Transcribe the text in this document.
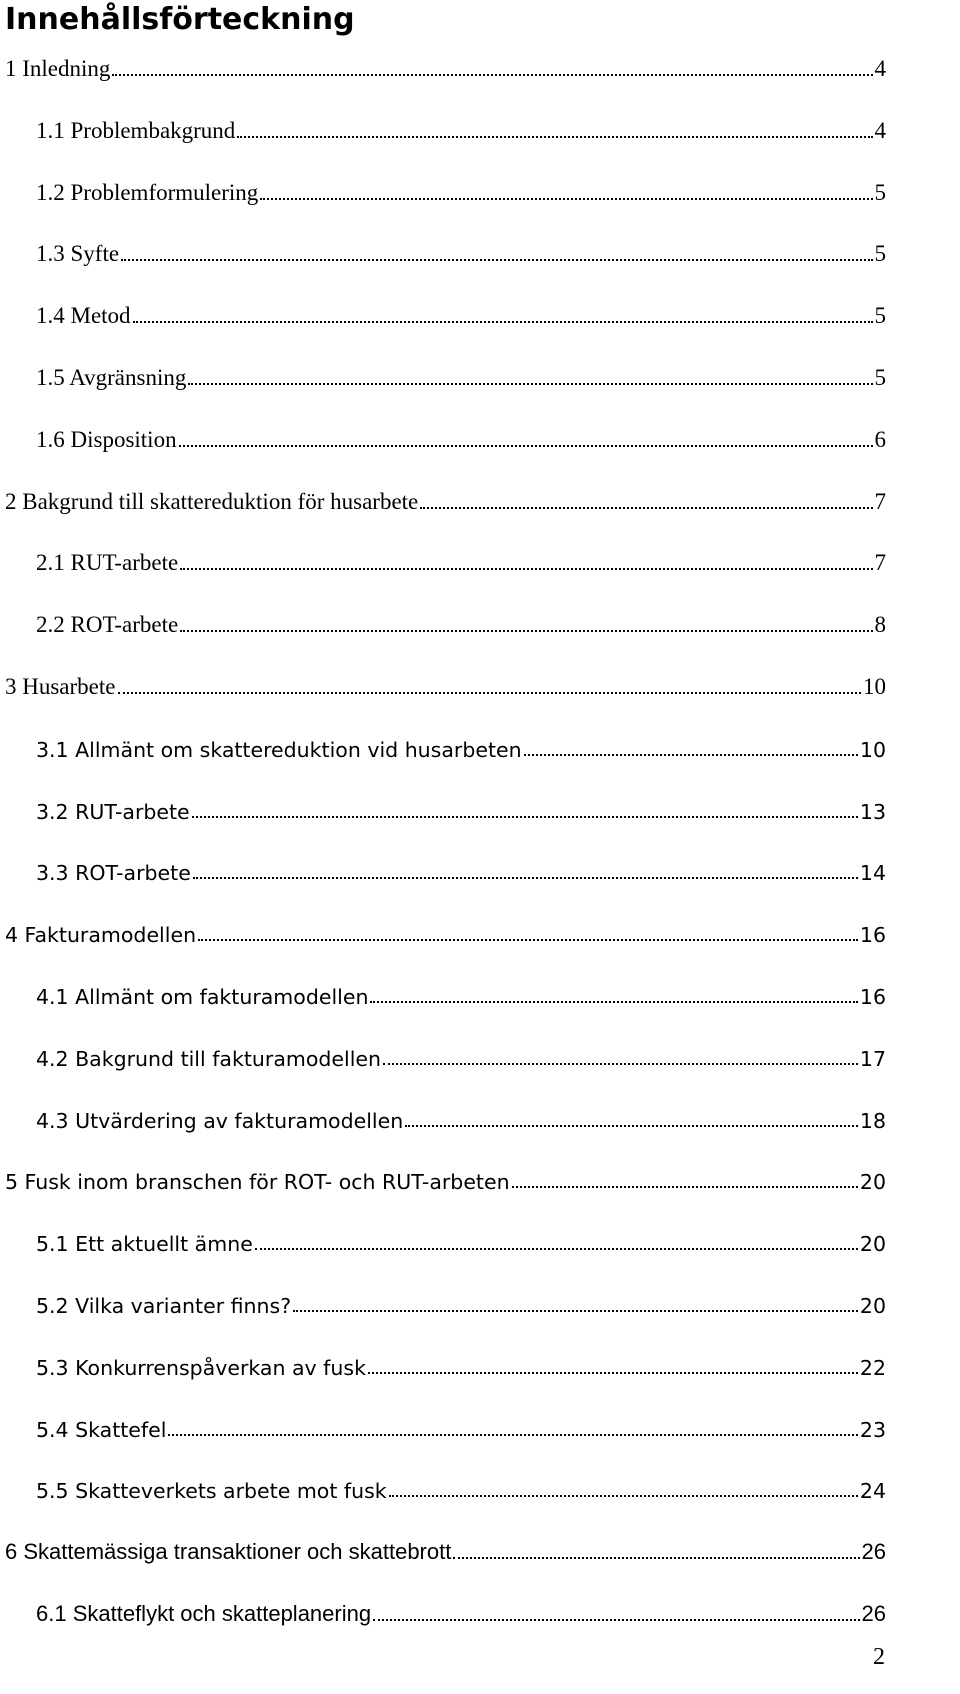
Innehållsförteckning
1 Inledning	4
1.1 Problembakgrund	4
1.2 Problemformulering	5
1.3 Syfte	5
1.4 Metod	5
1.5 Avgränsning	5
1.6 Disposition	6
2 Bakgrund till skattereduktion för husarbete	7
2.1 RUT-arbete	7
2.2 ROT-arbete	8
3 Husarbete	10
3.1 Allmänt om skattereduktion vid husarbeten	10
3.2 RUT-arbete	13
3.3 ROT-arbete	14
4 Fakturamodellen	16
4.1 Allmänt om fakturamodellen	16
4.2 Bakgrund till fakturamodellen	17
4.3 Utvärdering av fakturamodellen	18
5 Fusk inom branschen för ROT- och RUT-arbeten	20
5.1 Ett aktuellt ämne	20
5.2 Vilka varianter finns?	20
5.3 Konkurrenspåverkan av fusk	22
5.4 Skattefel	23
5.5 Skatteverkets arbete mot fusk	24
6 Skattemässiga transaktioner och skattebrott	26
6.1 Skatteflykt och skatteplanering	26
2
